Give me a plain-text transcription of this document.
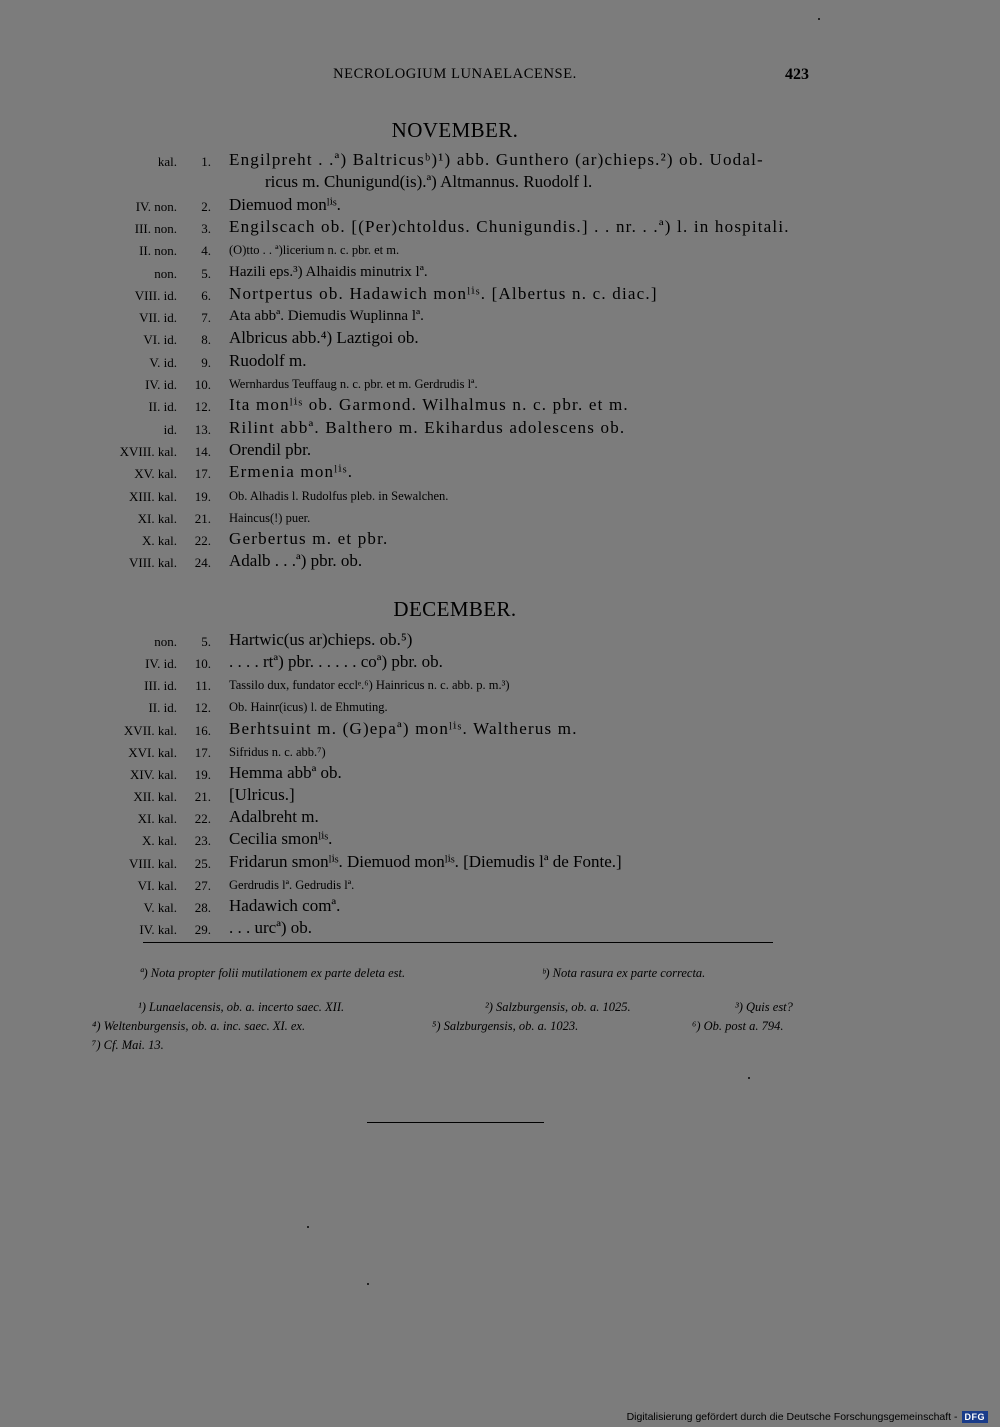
NECROLOGIUM LUNAELACENSE.	423
NOVEMBER.
kal. 1. Engilpreht . .ª) Baltricusᵇ)¹) abb. Gunthero (ar)chieps.²) ob. Uodal-
ricus m. Chunigund(is).ª) Altmannus. Ruodolf l.
IV. non. 2. Diemuod monˡⁱˢ.
III. non. 3. Engilscach ob. [(Per)chtoldus. Chunigundis.] . . nr. . .ª) l. in hospitali.
II. non. 4. (O)tto . . ª)licerium n. c. pbr. et m.
non. 5. Hazili eps.³) Alhaidis minutrix lª.
VIII. id. 6. Nortpertus ob. Hadawich monˡⁱˢ. [Albertus n. c. diac.]
VII. id. 7. Ata abbª. Diemudis Wuplinna lª.
VI. id. 8. Albricus abb.⁴) Laztigoi ob.
V. id. 9. Ruodolf m.
IV. id. 10. Wernhardus Teuffaug n. c. pbr. et m. Gerdrudis lª.
II. id. 12. Ita monˡⁱˢ ob. Garmond. Wilhalmus n. c. pbr. et m.
id. 13. Rilint abbª. Balthero m. Ekihardus adolescens ob.
XVIII. kal. 14. Orendil pbr.
XV. kal. 17. Ermenia monˡⁱˢ.
XIII. kal. 19. Ob. Alhadis l. Rudolfus pleb. in Sewalchen.
XI. kal. 21. Haincus(!) puer.
X. kal. 22. Gerbertus m. et pbr.
VIII. kal. 24. Adalb . . .ª) pbr. ob.
DECEMBER.
non. 5. Hartwic(us ar)chieps. ob.⁵)
IV. id. 10. . . . . rtª) pbr. . . . . . coª) pbr. ob.
III. id. 11. Tassilo dux, fundator ecclᵉ.⁶) Hainricus n. c. abb. p. m.³)
II. id. 12. Ob. Hainr(icus) l. de Ehmuting.
XVII. kal. 16. Berhtsuint m. (G)epaª) monˡⁱˢ. Waltherus m.
XVI. kal. 17. Sifridus n. c. abb.⁷)
XIV. kal. 19. Hemma abbª ob.
XII. kal. 21. [Ulricus.]
XI. kal. 22. Adalbreht m.
X. kal. 23. Cecilia smonˡⁱˢ.
VIII. kal. 25. Fridarun smonˡⁱˢ. Diemuod monˡⁱˢ. [Diemudis lª de Fonte.]
VI. kal. 27. Gerdrudis lª. Gedrudis lª.
V. kal. 28. Hadawich comª.
IV. kal. 29. . . . urcª) ob.
ª) Nota propter folii mutilationem ex parte deleta est.	ᵇ) Nota rasura ex parte correcta.
¹) Lunaelacensis, ob. a. incerto saec. XII.	²) Salzburgensis, ob. a. 1025.	³) Quis est?
⁴) Weltenburgensis, ob. a. inc. saec. XI. ex.	⁵) Salzburgensis, ob. a. 1023.	⁶) Ob. post a. 794.
⁷) Cf. Mai. 13.
Digitalisierung gefördert durch die Deutsche Forschungsgemeinschaft - DFG
